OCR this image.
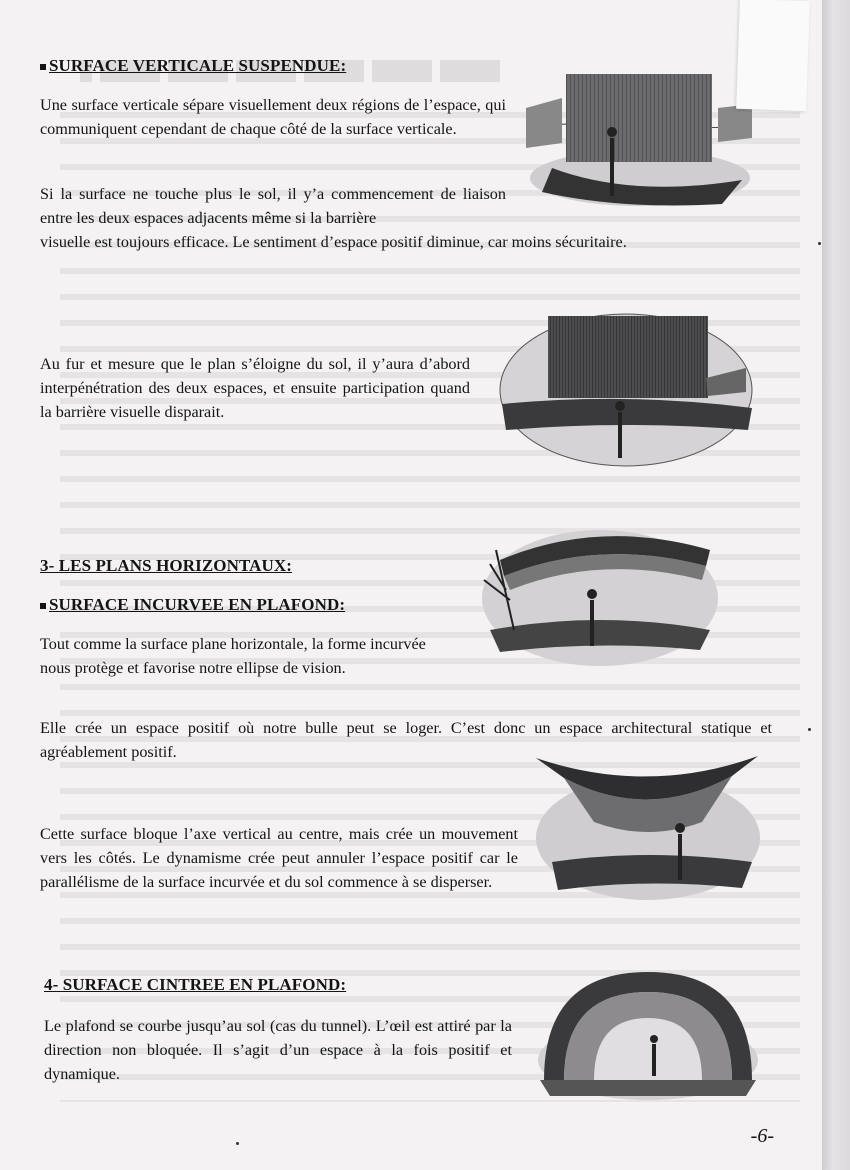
SURFACE VERTICALE SUSPENDUE:
Une surface verticale sépare visuellement deux régions de l’espace, qui communiquent cependant de chaque côté de la surface verticale.
Si la surface ne touche plus le sol, il y’a commencement de liaison entre les deux espaces adjacents même si la barrière
visuelle est toujours efficace. Le sentiment d’espace positif diminue, car moins sécuritaire.
Au fur et mesure que le plan s’éloigne du sol, il y’aura d’abord interpénétration des deux espaces, et ensuite participation quand la barrière visuelle disparait.
3- LES PLANS HORIZONTAUX:
SURFACE INCURVEE EN PLAFOND:
Tout comme la surface plane horizontale, la forme incurvée
nous protège et favorise notre ellipse de vision.
Elle crée un espace positif où notre bulle peut se loger. C’est donc un espace architectural statique et agréablement positif.
Cette surface bloque l’axe vertical au centre, mais crée un mouvement vers les côtés. Le dynamisme crée peut annuler l’espace positif car le parallélisme de la surface incurvée et du sol commence à se disperser.
4- SURFACE CINTREE EN PLAFOND:
Le plafond se courbe jusqu’au sol (cas du tunnel). L’œil est attiré par la direction non bloquée. Il s’agit d’un espace à la fois positif et dynamique.
-6-
